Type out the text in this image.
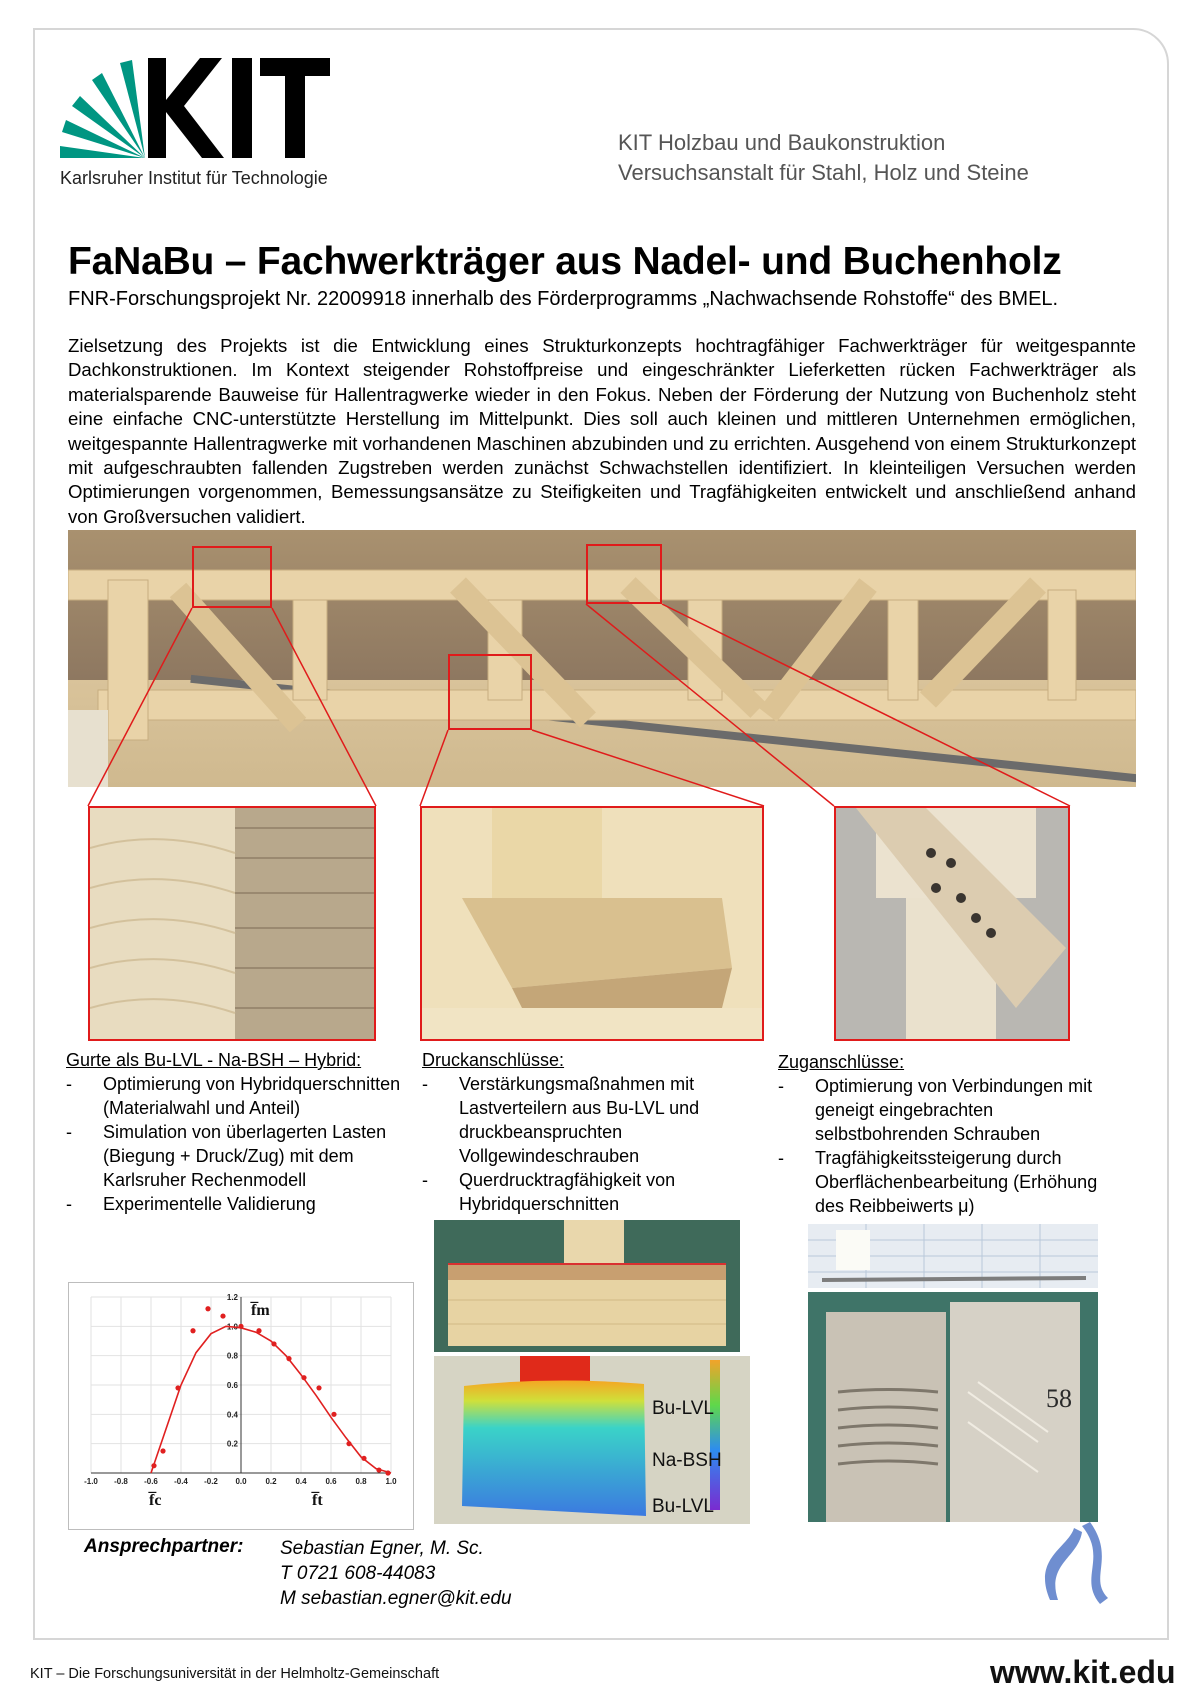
Karlsruher Institut für Technologie
KIT Holzbau und Baukonstruktion
Versuchsanstalt für Stahl, Holz und Steine
FaNaBu – Fachwerkträger aus Nadel- und Buchenholz
FNR-Forschungsprojekt Nr. 22009918 innerhalb des Förderprogramms „Nachwachsende Rohstoffe“ des BMEL.
Zielsetzung des Projekts ist die Entwicklung eines Strukturkonzepts hochtragfähiger Fachwerkträger für weitgespannte Dachkonstruktionen. Im Kontext steigender Rohstoffpreise und eingeschränkter Lieferketten rücken Fachwerkträger als materialsparende Bauweise für Hallentragwerke wieder in den Fokus. Neben der Förderung der Nutzung von Buchenholz steht eine einfache CNC-unterstützte Herstellung im Mittelpunkt. Dies soll auch kleinen und mittleren Unternehmen ermöglichen, weitgespannte Hallentragwerke mit vorhandenen Maschinen abzubinden und zu errichten. Ausgehend von einem Strukturkonzept mit aufgeschraubten fallenden Zugstreben werden zunächst Schwachstellen identifiziert. In kleinteiligen Versuchen werden Optimierungen vorgenommen, Bemessungsansätze zu Steifigkeiten und Tragfähigkeiten entwickelt und anschließend anhand von Großversuchen validiert.
Gurte als Bu-LVL - Na-BSH – Hybrid:
- Optimierung von Hybridquerschnitten (Materialwahl und Anteil)
- Simulation von überlagerten Lasten (Biegung + Druck/Zug) mit dem Karlsruher Rechenmodell
- Experimentelle Validierung
Druckanschlüsse:
- Verstärkungsmaßnahmen mit Lastverteilern aus Bu-LVL und druckbeanspruchten Vollgewindeschrauben
- Querdrucktragfähigkeit von Hybridquerschnitten
Zuganschlüsse:
- Optimierung von Verbindungen mit geneigt eingebrachten selbstbohrenden Schrauben
- Tragfähigkeitssteigerung durch Oberflächenbearbeitung (Erhöhung des Reibbeiwerts μ)
-1.0 -0.8 -0.6 -0.4 -0.2 0.0 0.2 0.4 0.6 0.8 1.0
0.2
0.4
0.6
0.8
1.0
1.2
f̅m
f̅c	f̅t
Bu-LVL
Na-BSH
Bu-LVL
58
Ansprechpartner: Sebastian Egner, M. Sc.
T 0721 608-44083
M sebastian.egner@kit.edu
KIT – Die Forschungsuniversität in der Helmholtz-Gemeinschaft	www.kit.edu
